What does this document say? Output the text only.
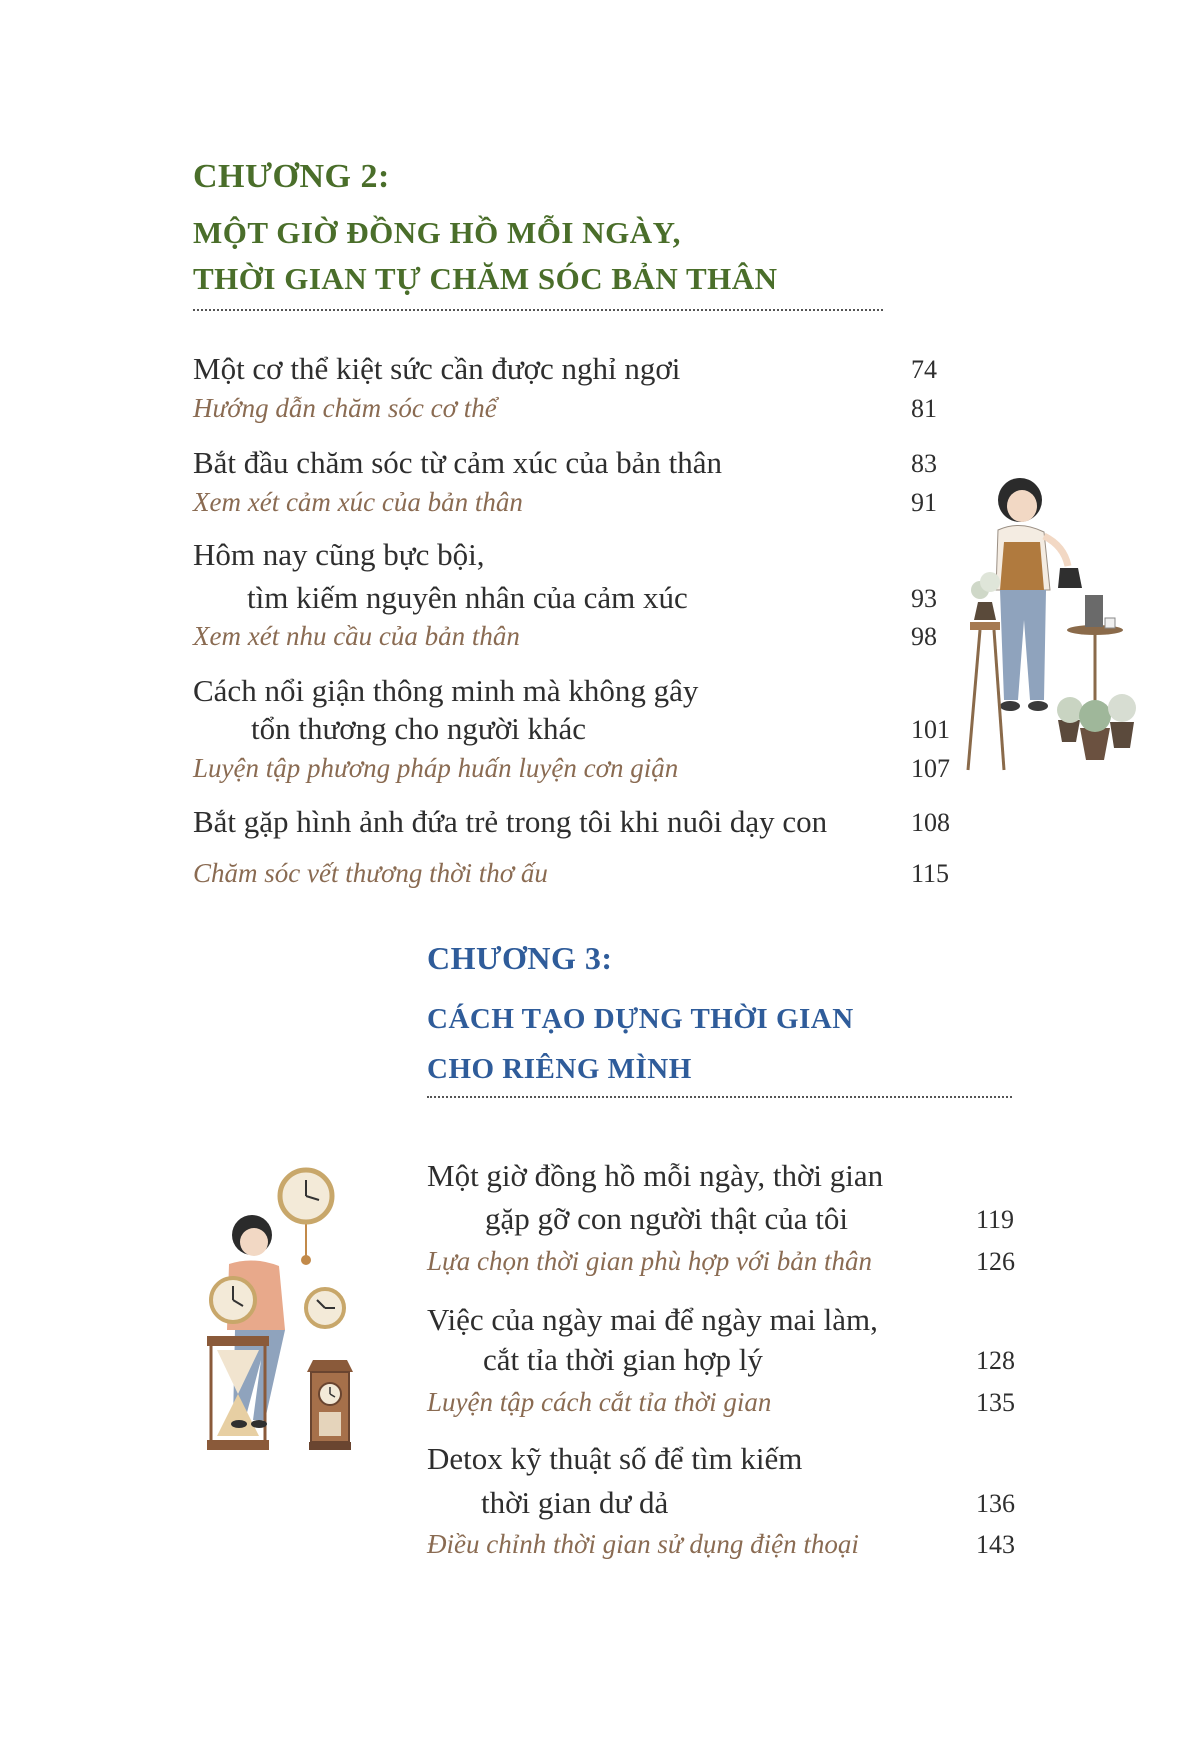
CHƯƠNG 2:
MỘT GIỜ ĐỒNG HỒ MỖI NGÀY,
THỜI GIAN TỰ CHĂM SÓC BẢN THÂN
Một cơ thể kiệt sức cần được nghỉ ngơi	74
Hướng dẫn chăm sóc cơ thể	81
Bắt đầu chăm sóc từ cảm xúc của bản thân	83
Xem xét cảm xúc của bản thân	91
Hôm nay cũng bực bội,
tìm kiếm nguyên nhân của cảm xúc	93
Xem xét nhu cầu của bản thân	98
Cách nổi giận thông minh mà không gây
tổn thương cho người khác	101
Luyện tập phương pháp huấn luyện cơn giận	107
Bắt gặp hình ảnh đứa trẻ trong tôi khi nuôi dạy con	108
Chăm sóc vết thương thời thơ ấu	115
CHƯƠNG 3:
CÁCH TẠO DỰNG THỜI GIAN
CHO RIÊNG MÌNH
Một giờ đồng hồ mỗi ngày, thời gian
gặp gỡ con người thật của tôi	119
Lựa chọn thời gian phù hợp với bản thân	126
Việc của ngày mai để ngày mai làm,
cắt tỉa thời gian hợp lý	128
Luyện tập cách cắt tỉa thời gian	135
Detox kỹ thuật số để tìm kiếm
thời gian dư dả	136
Điều chỉnh thời gian sử dụng điện thoại	143
